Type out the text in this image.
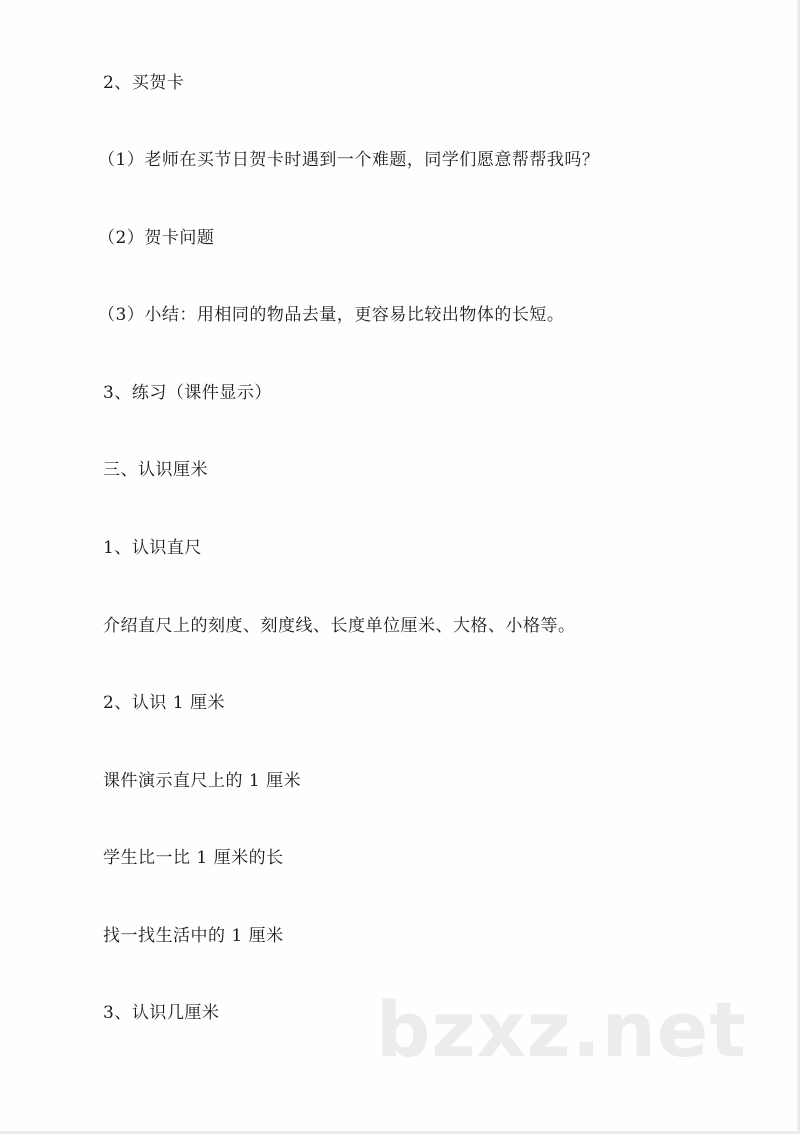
2、买贺卡
（1）老师在买节日贺卡时遇到一个难题，同学们愿意帮帮我吗？
（2）贺卡问题
（3）小结：用相同的物品去量，更容易比较出物体的长短。
3、练习（课件显示）
三、认识厘米
1、认识直尺
介绍直尺上的刻度、刻度线、长度单位厘米、大格、小格等。
2、认识 1 厘米
课件演示直尺上的 1 厘米
学生比一比 1 厘米的长
找一找生活中的 1 厘米
3、认识几厘米 bzxz.net
